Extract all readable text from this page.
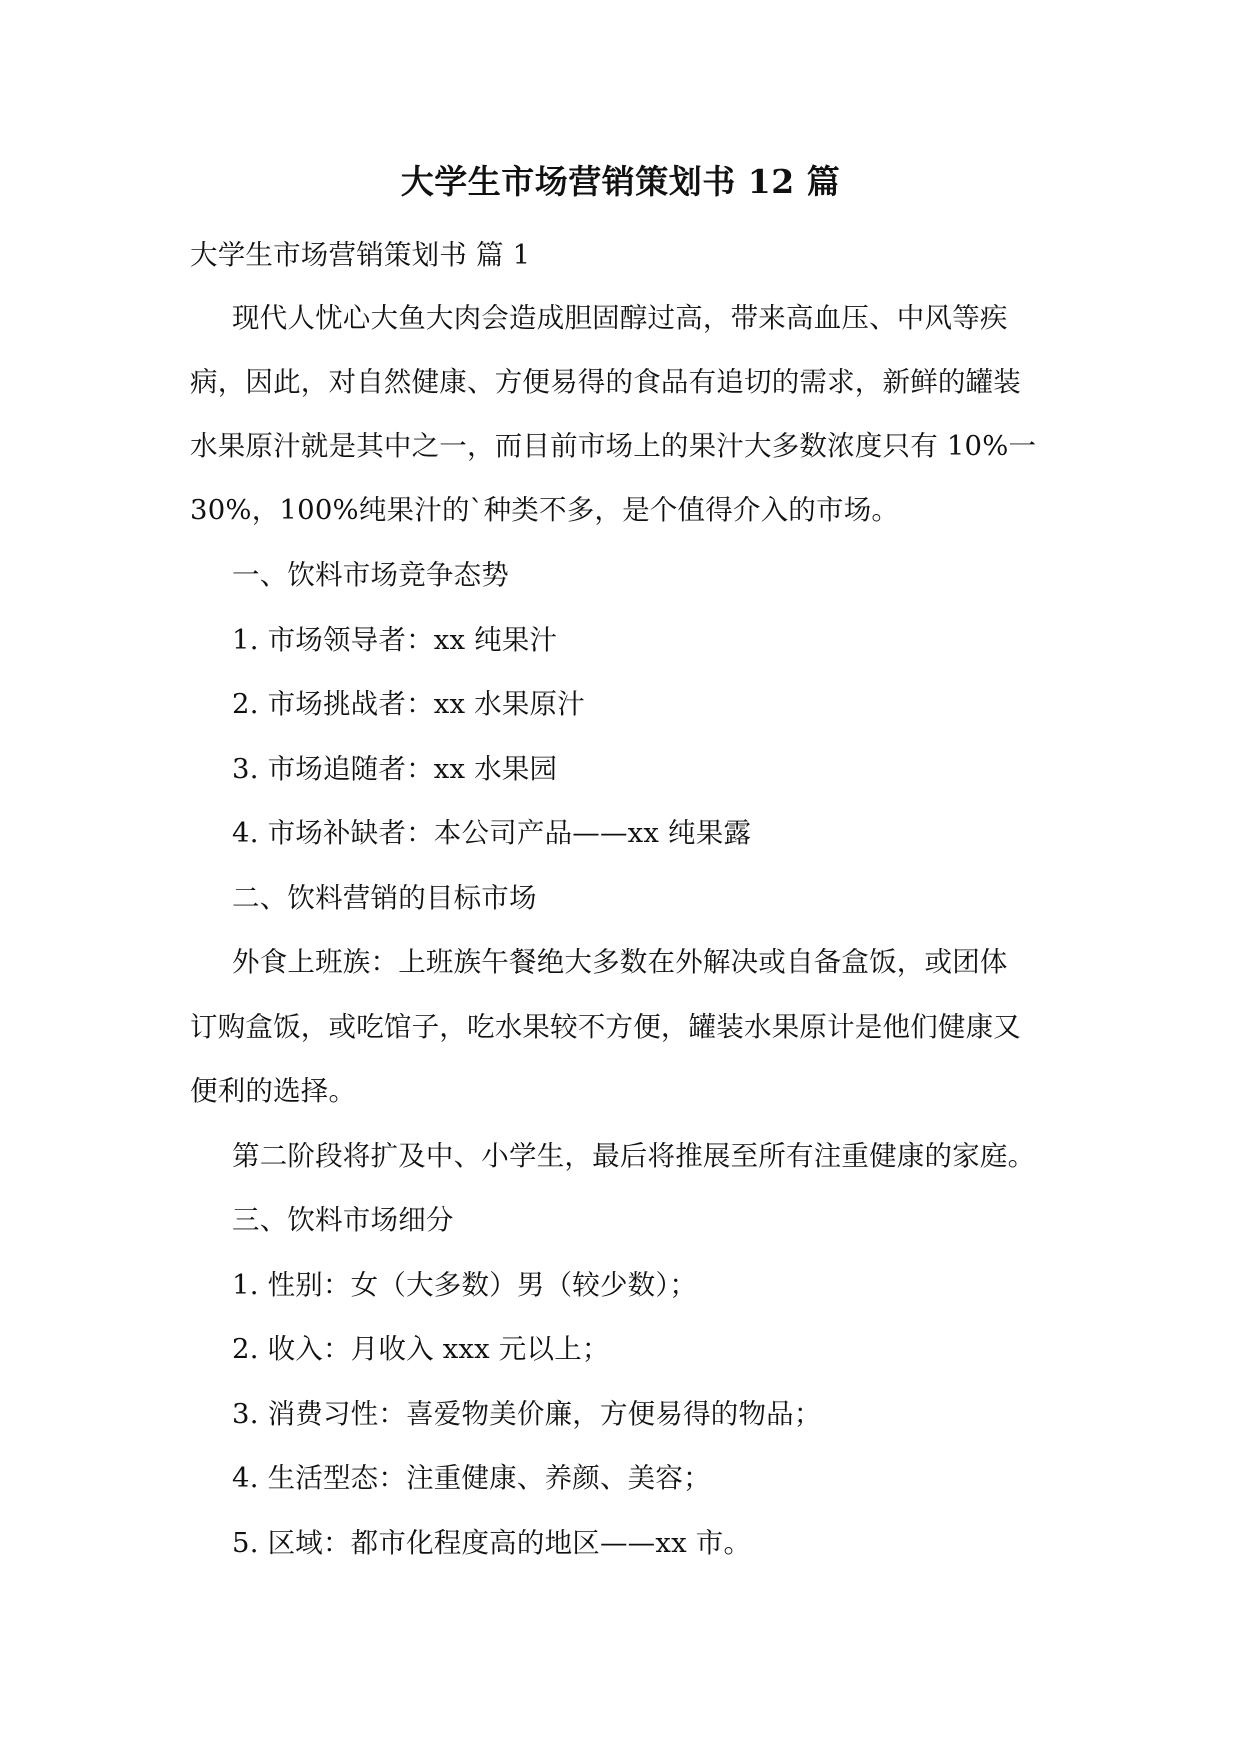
大学生市场营销策划书 12 篇
大学生市场营销策划书 篇 1
现代人忧心大鱼大肉会造成胆固醇过高，带来高血压、中风等疾
病，因此，对自然健康、方便易得的食品有追切的需求，新鲜的罐装
水果原汁就是其中之一，而目前市场上的果汁大多数浓度只有 10%一
30%，100%纯果汁的`种类不多，是个值得介入的市场。
一、饮料市场竞争态势
1. 市场领导者：xx 纯果汁
2. 市场挑战者：xx 水果原汁
3. 市场追随者：xx 水果园
4. 市场补缺者：本公司产品——xx 纯果露
二、饮料营销的目标市场
外食上班族：上班族午餐绝大多数在外解决或自备盒饭，或团体
订购盒饭，或吃馆子，吃水果较不方便，罐装水果原计是他们健康又
便利的选择。
第二阶段将扩及中、小学生，最后将推展至所有注重健康的家庭。
三、饮料市场细分
1. 性别：女（大多数）男（较少数）；
2. 收入：月收入 xxx 元以上；
3. 消费习性：喜爱物美价廉，方便易得的物品；
4. 生活型态：注重健康、养颜、美容；
5. 区域：都市化程度高的地区——xx 市。
